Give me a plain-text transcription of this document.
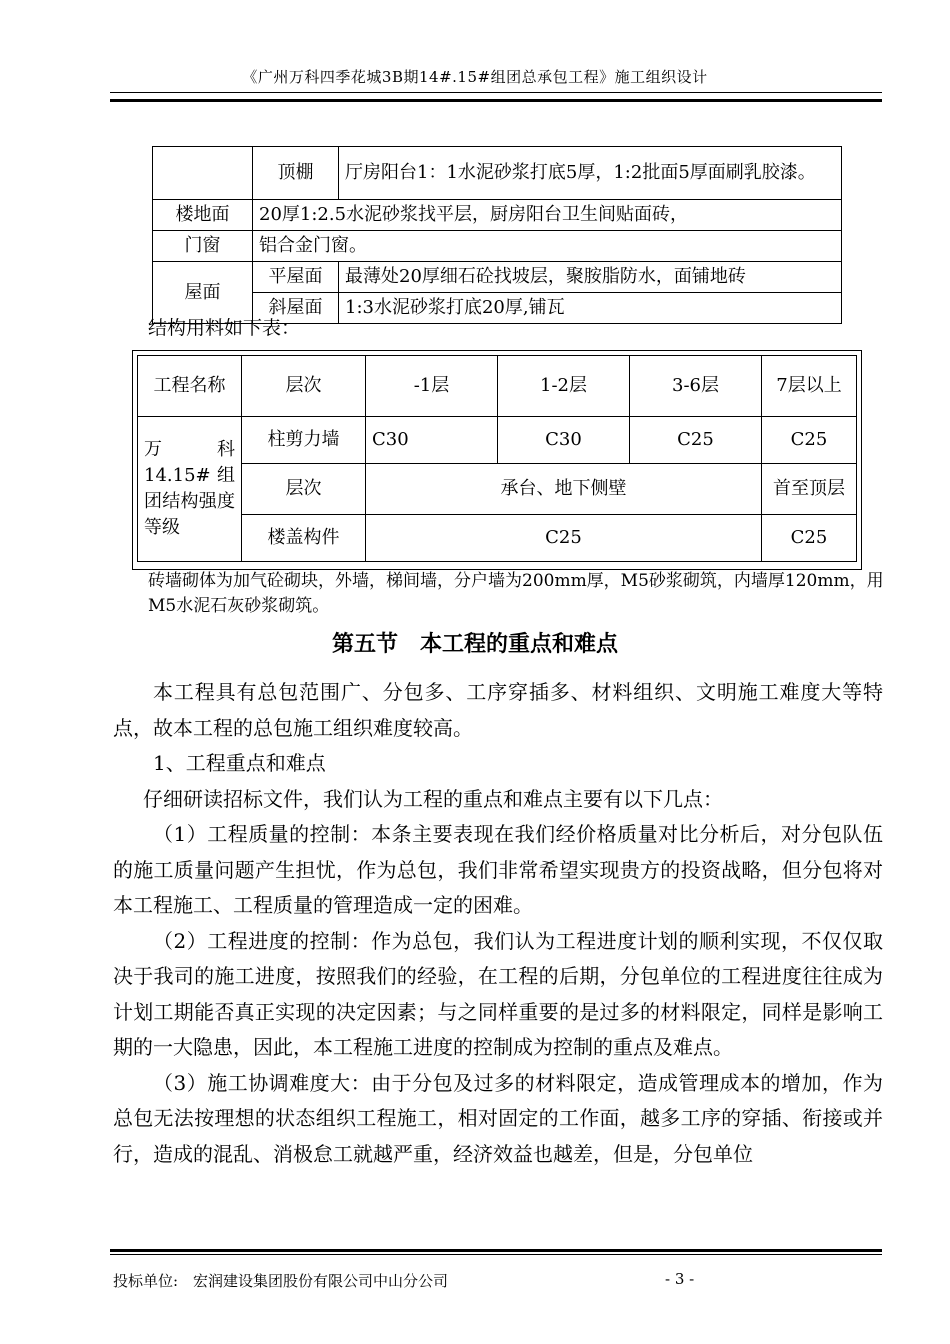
《广州万科四季花城3B期14#.15#组团总承包工程》施工组织设计
	顶棚	厅房阳台1：1水泥砂浆打底5厚，1:2批面5厚面刷乳胶漆。
楼地面	20厚1:2.5水泥砂浆找平层，厨房阳台卫生间贴面砖，	
门窗	铝合金门窗。	
屋面	平屋面	最薄处20厚细石砼找坡层，聚胺脂防水，面铺地砖
	斜屋面	1:3水泥砂浆打底20厚,铺瓦
结构用料如下表：
工程名称	层次	-1层	1-2层	3-6层	7层以上
万科14.15#组团结构强度等级	柱剪力墙	C30	C30	C25	C25
	层次	承台、地下侧壁			首至顶层
	楼盖构件	C25			C25
砖墙砌体为加气砼砌块，外墙，梯间墙，分户墙为200mm厚，M5砂浆砌筑，内墙厚120mm，用M5水泥石灰砂浆砌筑。
第五节　本工程的重点和难点

本工程具有总包范围广、分包多、工序穿插多、材料组织、文明施工难度大等特点，故本工程的总包施工组织难度较高。

1、工程重点和难点

仔细研读招标文件，我们认为工程的重点和难点主要有以下几点：

（1）工程质量的控制：本条主要表现在我们经价格质量对比分析后，对分包队伍的施工质量问题产生担忧，作为总包，我们非常希望实现贵方的投资战略，但分包将对本工程施工、工程质量的管理造成一定的困难。

（2）工程进度的控制：作为总包，我们认为工程进度计划的顺利实现，不仅仅取决于我司的施工进度，按照我们的经验，在工程的后期，分包单位的工程进度往往成为计划工期能否真正实现的决定因素；与之同样重要的是过多的材料限定，同样是影响工期的一大隐患，因此，本工程施工进度的控制成为控制的重点及难点。

（3）施工协调难度大：由于分包及过多的材料限定，造成管理成本的增加，作为总包无法按理想的状态组织工程施工，相对固定的工作面，越多工序的穿插、衔接或并行，造成的混乱、消极怠工就越严重，经济效益也越差，但是，分包单位

投标单位:　宏润建设集团股份有限公司中山分公司	- 3 -
